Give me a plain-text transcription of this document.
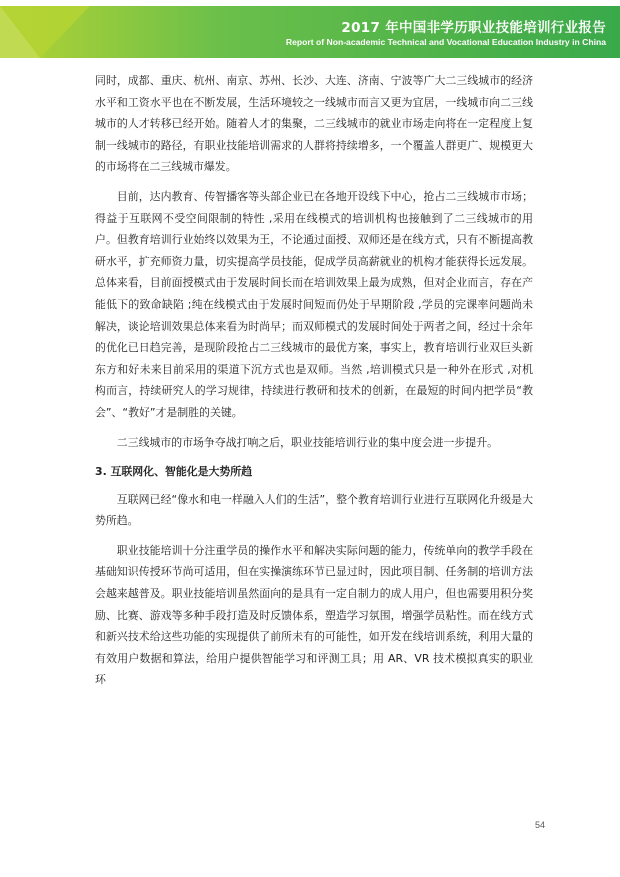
2017 年中国非学历职业技能培训行业报告
Report of Non-academic Technical and Vocational Education Industry in China

同时，成都、重庆、杭州、南京、苏州、长沙、大连、济南、宁波等广大二三线城市的经济水平和工资水平也在不断发展，生活环境较之一线城市而言又更为宜居，一线城市向二三线城市的人才转移已经开始。随着人才的集聚，二三线城市的就业市场走向将在一定程度上复制一线城市的路径，有职业技能培训需求的人群将持续增多，一个覆盖人群更广、规模更大的市场将在二三线城市爆发。

目前，达内教育、传智播客等头部企业已在各地开设线下中心，抢占二三线城市市场；得益于互联网不受空间限制的特性 ,采用在线模式的培训机构也接触到了二三线城市的用户。但教育培训行业始终以效果为王，不论通过面授、双师还是在线方式，只有不断提高教研水平，扩充师资力量，切实提高学员技能，促成学员高薪就业的机构才能获得长远发展。总体来看，目前面授模式由于发展时间长而在培训效果上最为成熟，但对企业而言，存在产能低下的致命缺陷 ;纯在线模式由于发展时间短而仍处于早期阶段 ,学员的完课率问题尚未解决，谈论培训效果总体来看为时尚早；而双师模式的发展时间处于两者之间，经过十余年的优化已日趋完善，是现阶段抢占二三线城市的最优方案，事实上，教育培训行业双巨头新东方和好未来目前采用的渠道下沉方式也是双师。当然 ,培训模式只是一种外在形式 ,对机构而言，持续研究人的学习规律，持续进行教研和技术的创新，在最短的时间内把学员“教会”、“教好”才是制胜的关键。

二三线城市的市场争夺战打响之后，职业技能培训行业的集中度会进一步提升。

3. 互联网化、智能化是大势所趋

互联网已经“像水和电一样融入人们的生活”，整个教育培训行业进行互联网化升级是大势所趋。

职业技能培训十分注重学员的操作水平和解决实际问题的能力，传统单向的教学手段在基础知识传授环节尚可适用，但在实操演练环节已显过时，因此项目制、任务制的培训方法会越来越普及。职业技能培训虽然面向的是具有一定自制力的成人用户，但也需要用积分奖励、比赛、游戏等多种手段打造及时反馈体系，塑造学习氛围，增强学员粘性。而在线方式和新兴技术给这些功能的实现提供了前所未有的可能性，如开发在线培训系统，利用大量的有效用户数据和算法，给用户提供智能学习和评测工具；用 AR、VR 技术模拟真实的职业环

54
